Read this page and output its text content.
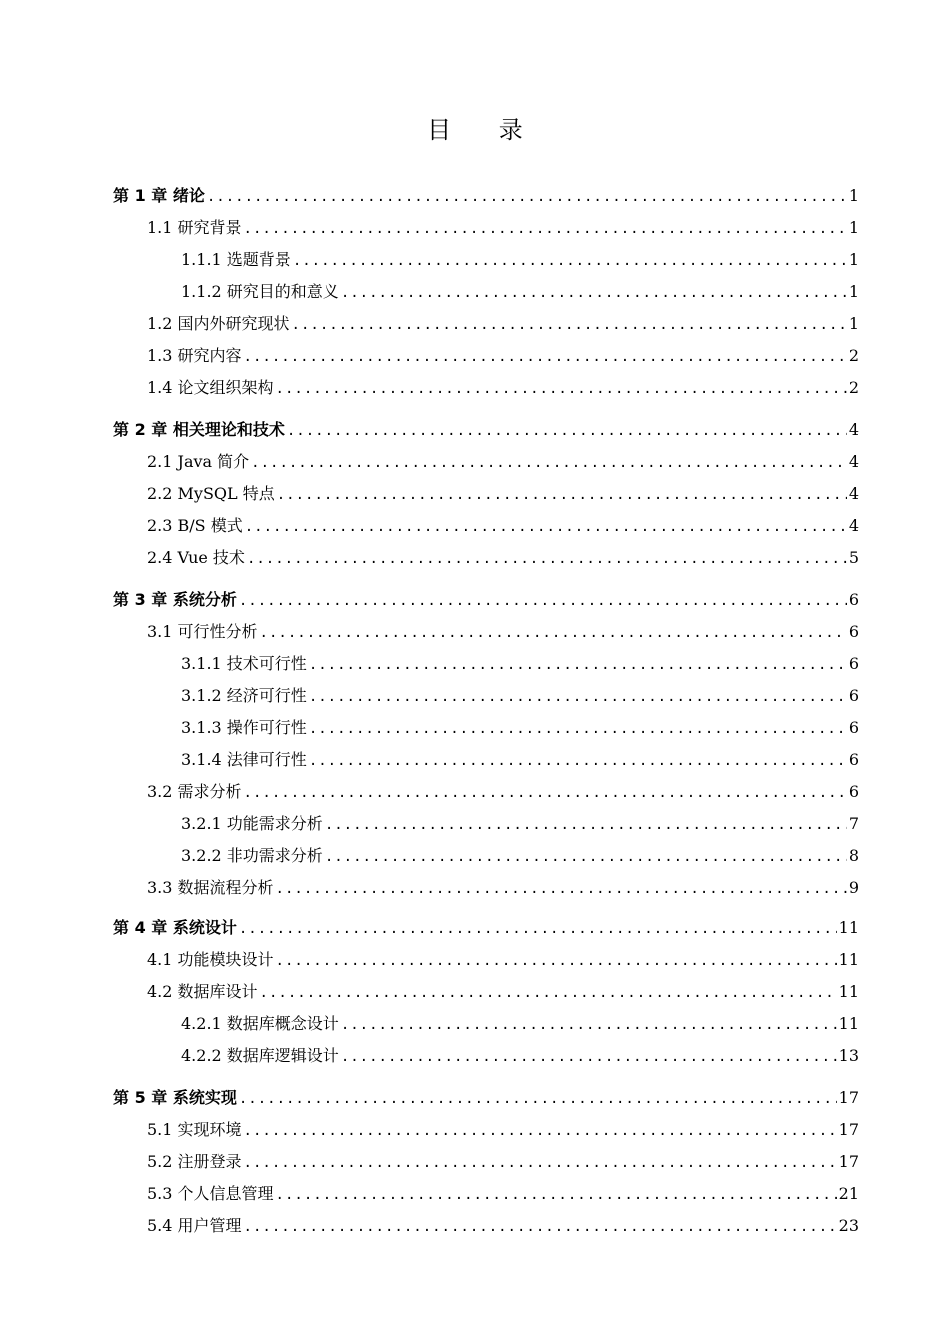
目 录
第 1 章 绪论 .....	1
1.1 研究背景 .....	1
1.1.1 选题背景 .....	1
1.1.2 研究目的和意义 .....	1
1.2 国内外研究现状 .....	1
1.3 研究内容 .....	2
1.4 论文组织架构 .....	2
第 2 章 相关理论和技术 .....	4
2.1 Java 简介 .....	4
2.2 MySQL 特点 .....	4
2.3 B/S 模式 .....	4
2.4 Vue 技术 .....	5
第 3 章 系统分析 .....	6
3.1 可行性分析 .....	6
3.1.1 技术可行性 .....	6
3.1.2 经济可行性 .....	6
3.1.3 操作可行性 .....	6
3.1.4 法律可行性 .....	6
3.2 需求分析 .....	6
3.2.1 功能需求分析 .....	7
3.2.2 非功需求分析 .....	8
3.3 数据流程分析 .....	9
第 4 章 系统设计 .....	11
4.1 功能模块设计 .....	11
4.2 数据库设计 .....	11
4.2.1 数据库概念设计 .....	11
4.2.2 数据库逻辑设计 .....	13
第 5 章 系统实现 .....	17
5.1 实现环境 .....	17
5.2 注册登录 .....	17
5.3 个人信息管理 .....	21
5.4 用户管理 .....	23
